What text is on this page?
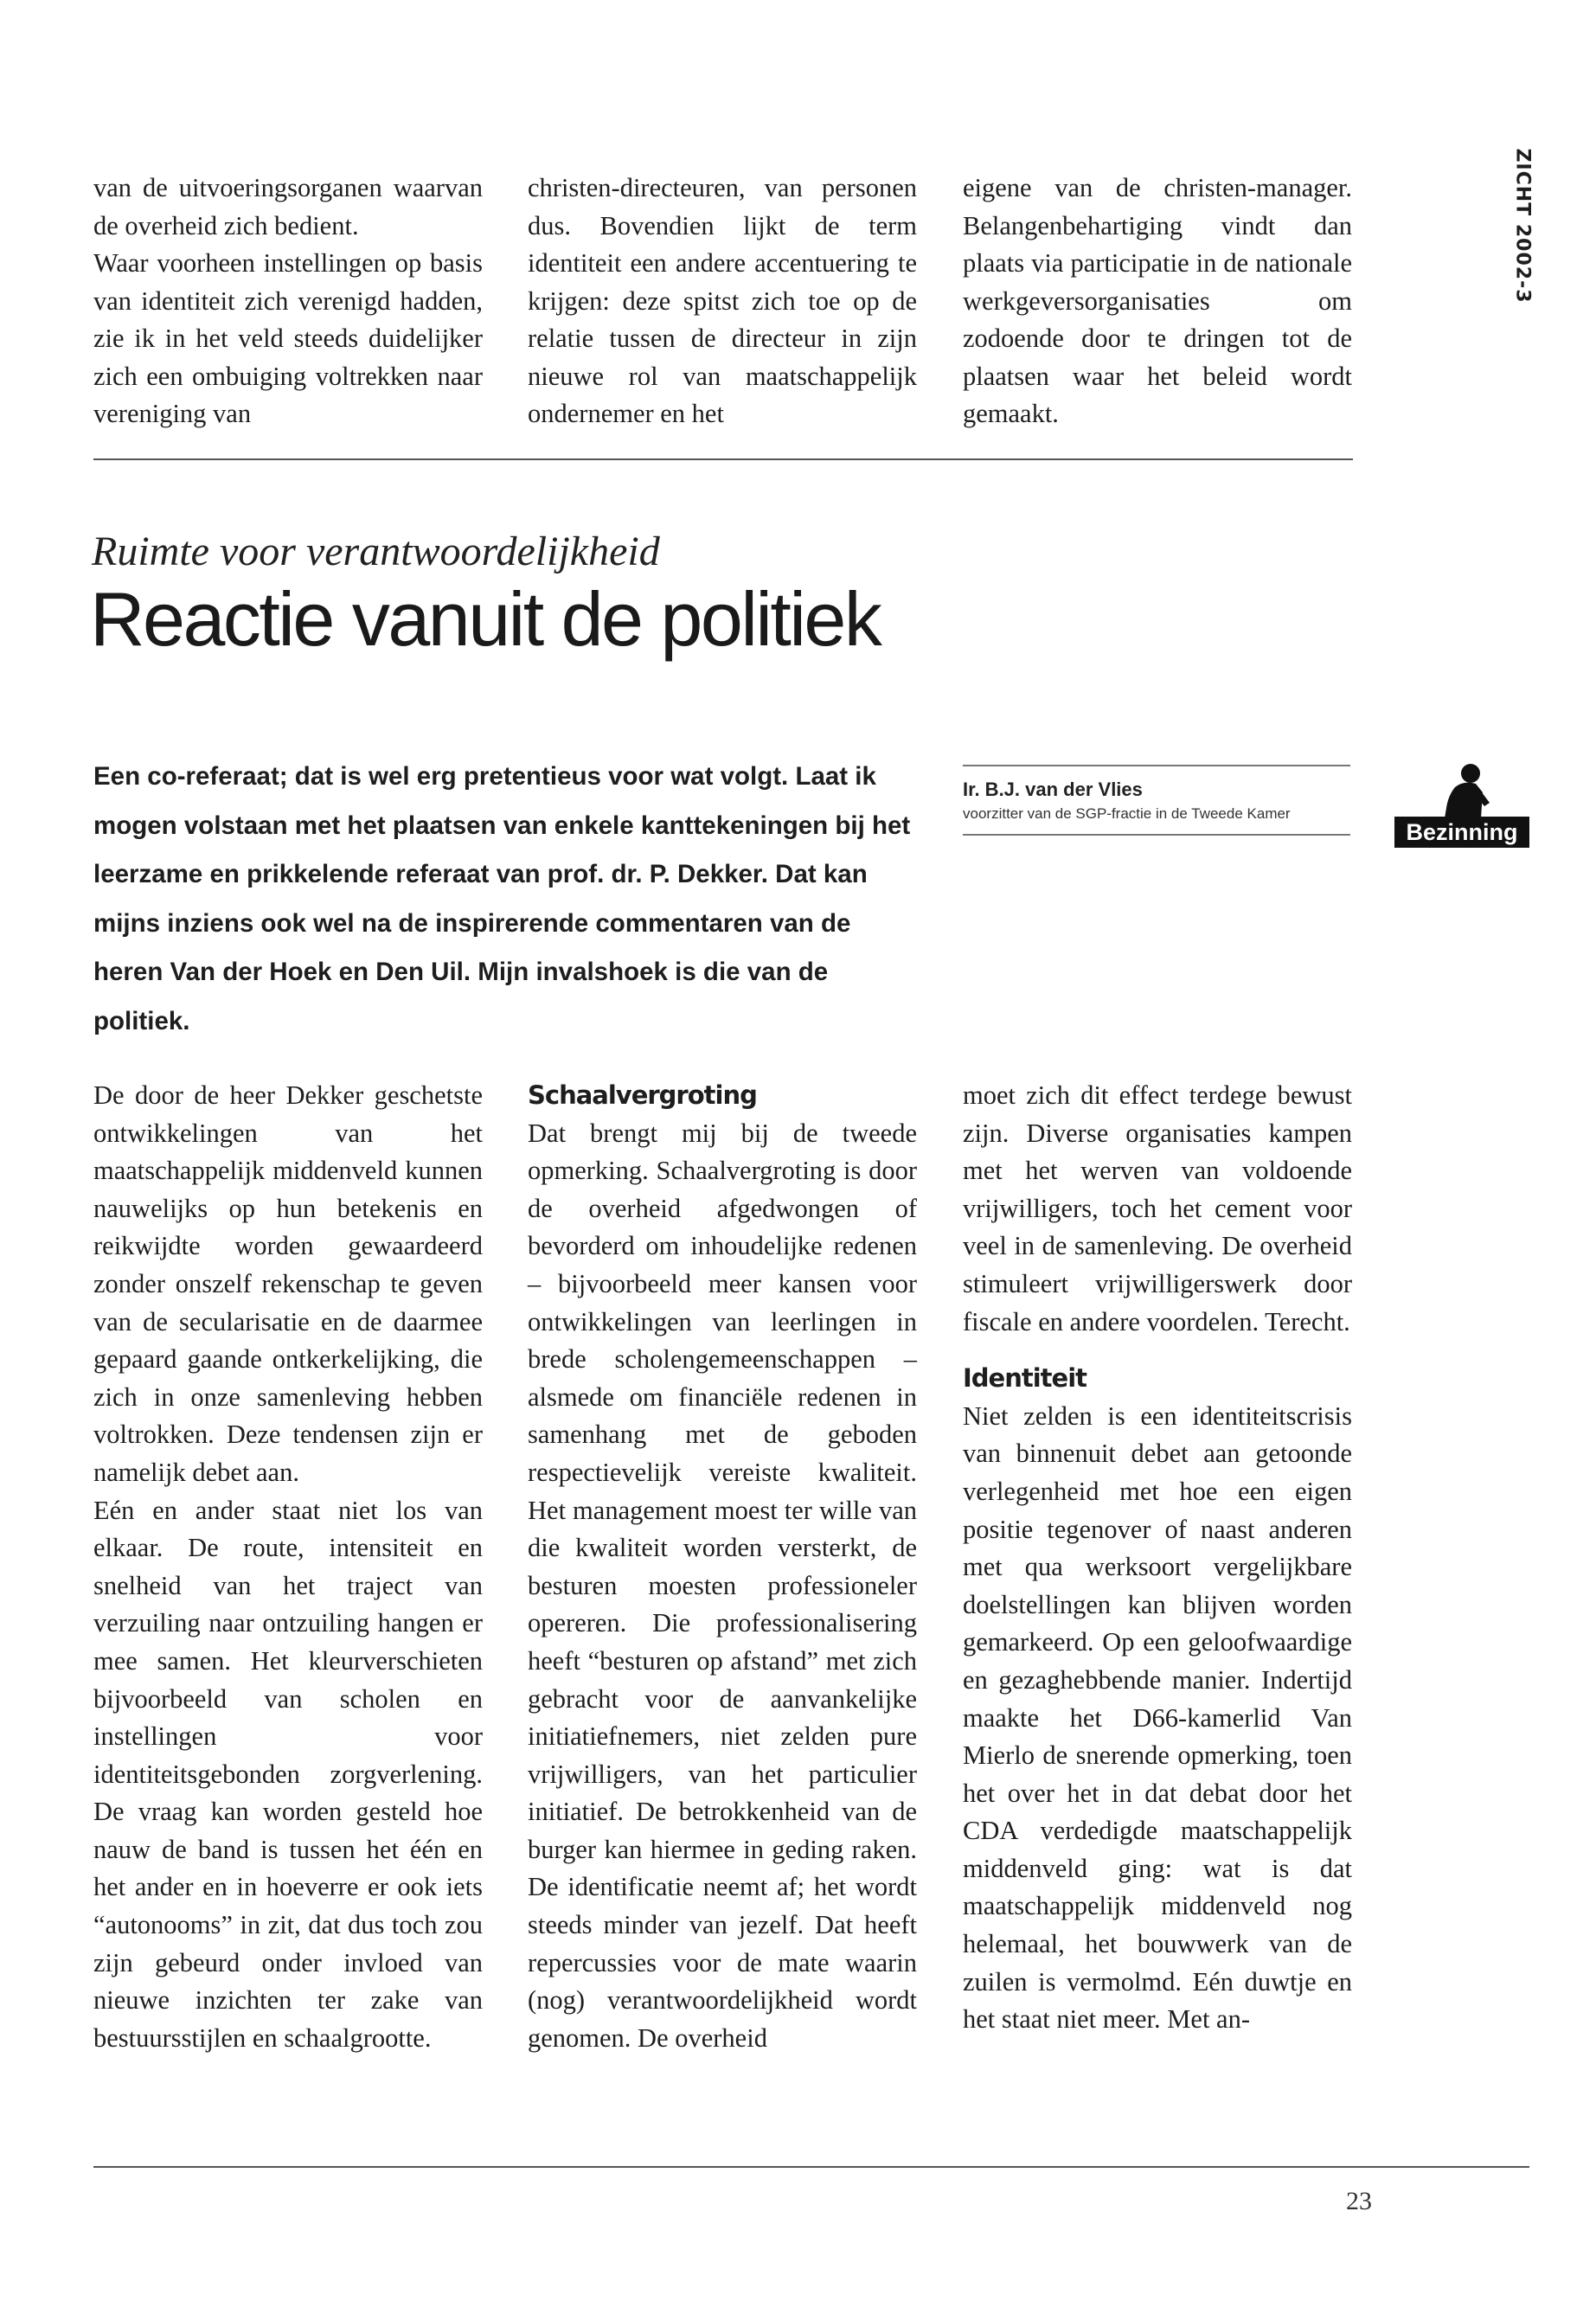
van de uitvoeringsorganen waarvan de overheid zich bedient.

Waar voorheen instellingen op basis van identiteit zich verenigd hadden, zie ik in het veld steeds duidelijker zich een ombuiging voltrekken naar vereniging van

christen-directeuren, van personen dus. Bovendien lijkt de term identiteit een andere accentuering te krijgen: deze spitst zich toe op de relatie tussen de directeur in zijn nieuwe rol van maatschappelijk ondernemer en het

eigene van de christen-manager. Belangenbehartiging vindt dan plaats via participatie in de nationale werkgeversorganisaties om zodoende door te dringen tot de plaatsen waar het beleid wordt gemaakt.

ZICHT 2002-3
Ruimte voor verantwoordelijkheid
Reactie vanuit de politiek
Een co-referaat; dat is wel erg pretentieus voor wat volgt. Laat ik mogen volstaan met het plaatsen van enkele kanttekeningen bij het leerzame en prikkelende referaat van prof. dr. P. Dekker. Dat kan mijns inziens ook wel na de inspirerende commentaren van de heren Van der Hoek en Den Uil. Mijn invalshoek is die van de politiek.
Ir. B.J. van der Vlies
voorzitter van de SGP-fractie in de Tweede Kamer
Bezinning

De door de heer Dekker geschetste ontwikkelingen van het maatschappelijk middenveld kunnen nauwelijks op hun betekenis en reikwijdte worden gewaardeerd zonder onszelf rekenschap te geven van de secularisatie en de daarmee gepaard gaande ontkerkelijking, die zich in onze samenleving hebben voltrokken. Deze tendensen zijn er namelijk debet aan.

Eén en ander staat niet los van elkaar. De route, intensiteit en snelheid van het traject van verzuiling naar ontzuiling hangen er mee samen. Het kleurverschieten bijvoorbeeld van scholen en instellingen voor identiteitsgebonden zorgverlening. De vraag kan worden gesteld hoe nauw de band is tussen het één en het ander en in hoeverre er ook iets “autonooms” in zit, dat dus toch zou zijn gebeurd onder invloed van nieuwe inzichten ter zake van bestuursstijlen en schaalgrootte.

Schaalvergroting

Dat brengt mij bij de tweede opmerking. Schaalvergroting is door de overheid afgedwongen of bevorderd om inhoudelijke redenen – bijvoorbeeld meer kansen voor ontwikkelingen van leerlingen in brede scholengemeenschappen – alsmede om financiële redenen in samenhang met de geboden respectievelijk vereiste kwaliteit. Het management moest ter wille van die kwaliteit worden versterkt, de besturen moesten professioneler opereren. Die professionalisering heeft “besturen op afstand” met zich gebracht voor de aanvankelijke initiatiefnemers, niet zelden pure vrijwilligers, van het particulier initiatief. De betrokkenheid van de burger kan hiermee in geding raken. De identificatie neemt af; het wordt steeds minder van jezelf. Dat heeft repercussies voor de mate waarin (nog) verantwoordelijkheid wordt genomen. De overheid

moet zich dit effect terdege bewust zijn. Diverse organisaties kampen met het werven van voldoende vrijwilligers, toch het cement voor veel in de samenleving. De overheid stimuleert vrijwilligerswerk door fiscale en andere voordelen. Terecht.

Identiteit

Niet zelden is een identiteitscrisis van binnenuit debet aan getoonde verlegenheid met hoe een eigen positie tegenover of naast anderen met qua werksoort vergelijkbare doelstellingen kan blijven worden gemarkeerd. Op een geloofwaardige en gezaghebbende manier. Indertijd maakte het D66-kamerlid Van Mierlo de snerende opmerking, toen het over het in dat debat door het CDA verdedigde maatschappelijk middenveld ging: wat is dat maatschappelijk middenveld nog helemaal, het bouwwerk van de zuilen is vermolmd. Eén duwtje en het staat niet meer. Met an-

23
